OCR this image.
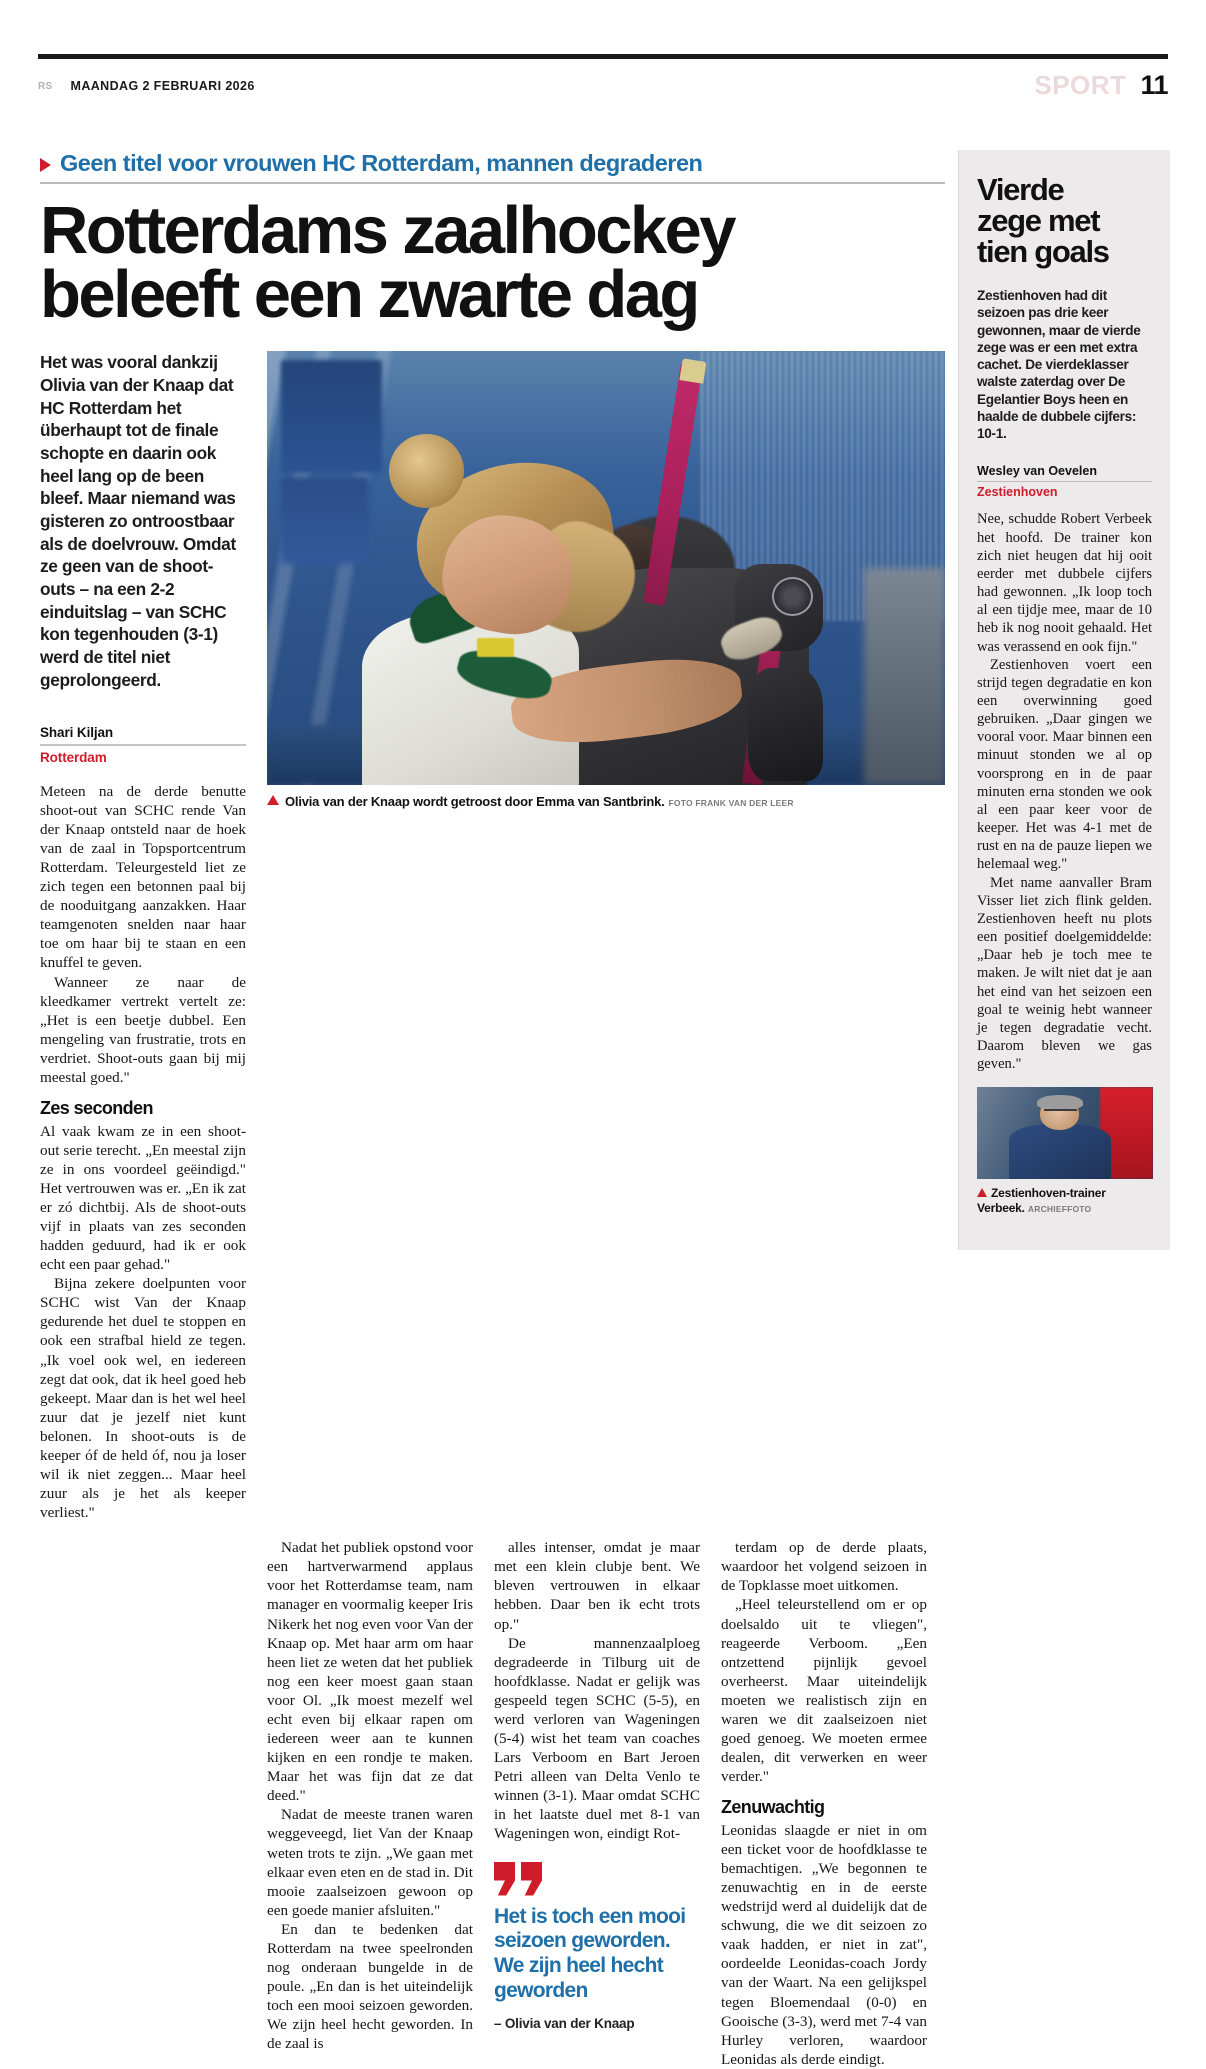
RS MAANDAG 2 FEBRUARI 2026	SPORT 11
Geen titel voor vrouwen HC Rotterdam, mannen degraderen
Rotterdams zaalhockey
beleeft een zwarte dag
Het was vooral dankzij Olivia van der Knaap dat HC Rotterdam het überhaupt tot de finale schopte en daarin ook heel lang op de been bleef. Maar niemand was gisteren zo ontroostbaar als de doelvrouw. Omdat ze geen van de shoot-outs – na een 2-2 einduitslag – van SCHC kon tegenhouden (3-1) werd de titel niet geprolongeerd.
Shari Kiljan
Rotterdam

Meteen na de derde benutte shoot-out van SCHC rende Van der Knaap ontsteld naar de hoek van de zaal in Topsportcentrum Rotterdam. Teleurgesteld liet ze zich tegen een betonnen paal bij de nooduitgang aanzakken. Haar teamgenoten snelden naar haar toe om haar bij te staan en een knuffel te geven.

Wanneer ze naar de kleedkamer vertrekt vertelt ze: „Het is een beetje dubbel. Een mengeling van frustratie, trots en verdriet. Shoot-outs gaan bij mij meestal goed."

Zes seconden

Al vaak kwam ze in een shoot-out serie terecht. „En meestal zijn ze in ons voordeel geëindigd." Het vertrouwen was er. „En ik zat er zó dichtbij. Als de shoot-outs vijf in plaats van zes seconden hadden geduurd, had ik er ook echt een paar gehad."

Bijna zekere doelpunten voor SCHC wist Van der Knaap gedurende het duel te stoppen en ook een strafbal hield ze tegen. „Ik voel ook wel, en iedereen zegt dat ook, dat ik heel goed heb gekeept. Maar dan is het wel heel zuur dat je jezelf niet kunt belonen. In shoot-outs is de keeper óf de held óf, nou ja loser wil ik niet zeggen... Maar heel zuur als je het als keeper verliest."

Olivia van der Knaap wordt getroost door Emma van Santbrink. FOTO FRANK VAN DER LEER

Nadat het publiek opstond voor een hartverwarmend applaus voor het Rotterdamse team, nam manager en voormalig keeper Iris Nikerk het nog even voor Van der Knaap op. Met haar arm om haar heen liet ze weten dat het publiek nog een keer moest gaan staan voor Ol. „Ik moest mezelf wel echt even bij elkaar rapen om iedereen weer aan te kunnen kijken en een rondje te maken. Maar het was fijn dat ze dat deed."

Nadat de meeste tranen waren weggeveegd, liet Van der Knaap weten trots te zijn. „We gaan met elkaar even eten en de stad in. Dit mooie zaalseizoen gewoon op een goede manier afsluiten."

En dan te bedenken dat Rotterdam na twee speelronden nog onderaan bungelde in de poule. „En dan is het uiteindelijk toch een mooi seizoen geworden. We zijn heel hecht geworden. In de zaal is

alles intenser, omdat je maar met een klein clubje bent. We bleven vertrouwen in elkaar hebben. Daar ben ik echt trots op."

De mannenzaalploeg degradeerde in Tilburg uit de hoofdklasse. Nadat er gelijk was gespeeld tegen SCHC (5-5), en werd verloren van Wageningen (5-4) wist het team van coaches Lars Verboom en Bart Jeroen Petri alleen van Delta Venlo te winnen (3-1). Maar omdat SCHC in het laatste duel met 8-1 van Wageningen won, eindigt Rot-

Het is toch een mooi seizoen geworden. We zijn heel hecht geworden
– Olivia van der Knaap

terdam op de derde plaats, waardoor het volgend seizoen in de Topklasse moet uitkomen.

„Heel teleurstellend om er op doelsaldo uit te vliegen", reageerde Verboom. „Een ontzettend pijnlijk gevoel overheerst. Maar uiteindelijk moeten we realistisch zijn en waren we dit zaalseizoen niet goed genoeg. We moeten ermee dealen, dit verwerken en weer verder."

Zenuwachtig

Leonidas slaagde er niet in om een ticket voor de hoofdklasse te bemachtigen. „We begonnen te zenuwachtig en in de eerste wedstrijd werd al duidelijk dat de schwung, die we dit seizoen zo vaak hadden, er niet in zat", oordeelde Leonidas-coach Jordy van der Waart. Na een gelijkspel tegen Bloemendaal (0-0) en Gooische (3-3), werd met 7-4 van Hurley verloren, waardoor Leonidas als derde eindigt.

Vierde
zege met
tien goals
Zestienhoven had dit seizoen pas drie keer gewonnen, maar de vierde zege was er een met extra cachet. De vierdeklasser walste zaterdag over De Egelantier Boys heen en haalde de dubbele cijfers: 10-1.
Wesley van Oevelen
Zestienhoven

Nee, schudde Robert Verbeek het hoofd. De trainer kon zich niet heugen dat hij ooit eerder met dubbele cijfers had gewonnen. „Ik loop toch al een tijdje mee, maar de 10 heb ik nog nooit gehaald. Het was verassend en ook fijn."

Zestienhoven voert een strijd tegen degradatie en kon een overwinning goed gebruiken. „Daar gingen we vooral voor. Maar binnen een minuut stonden we al op voorsprong en in de paar minuten erna stonden we ook al een paar keer voor de keeper. Het was 4-1 met de rust en na de pauze liepen we helemaal weg."

Met name aanvaller Bram Visser liet zich flink gelden. Zestienhoven heeft nu plots een positief doelgemiddelde: „Daar heb je toch mee te maken. Je wilt niet dat je aan het eind van het seizoen een goal te weinig hebt wanneer je tegen degradatie vecht. Daarom bleven we gas geven."

Zestienhoven-trainer Verbeek. ARCHIEFFOTO
